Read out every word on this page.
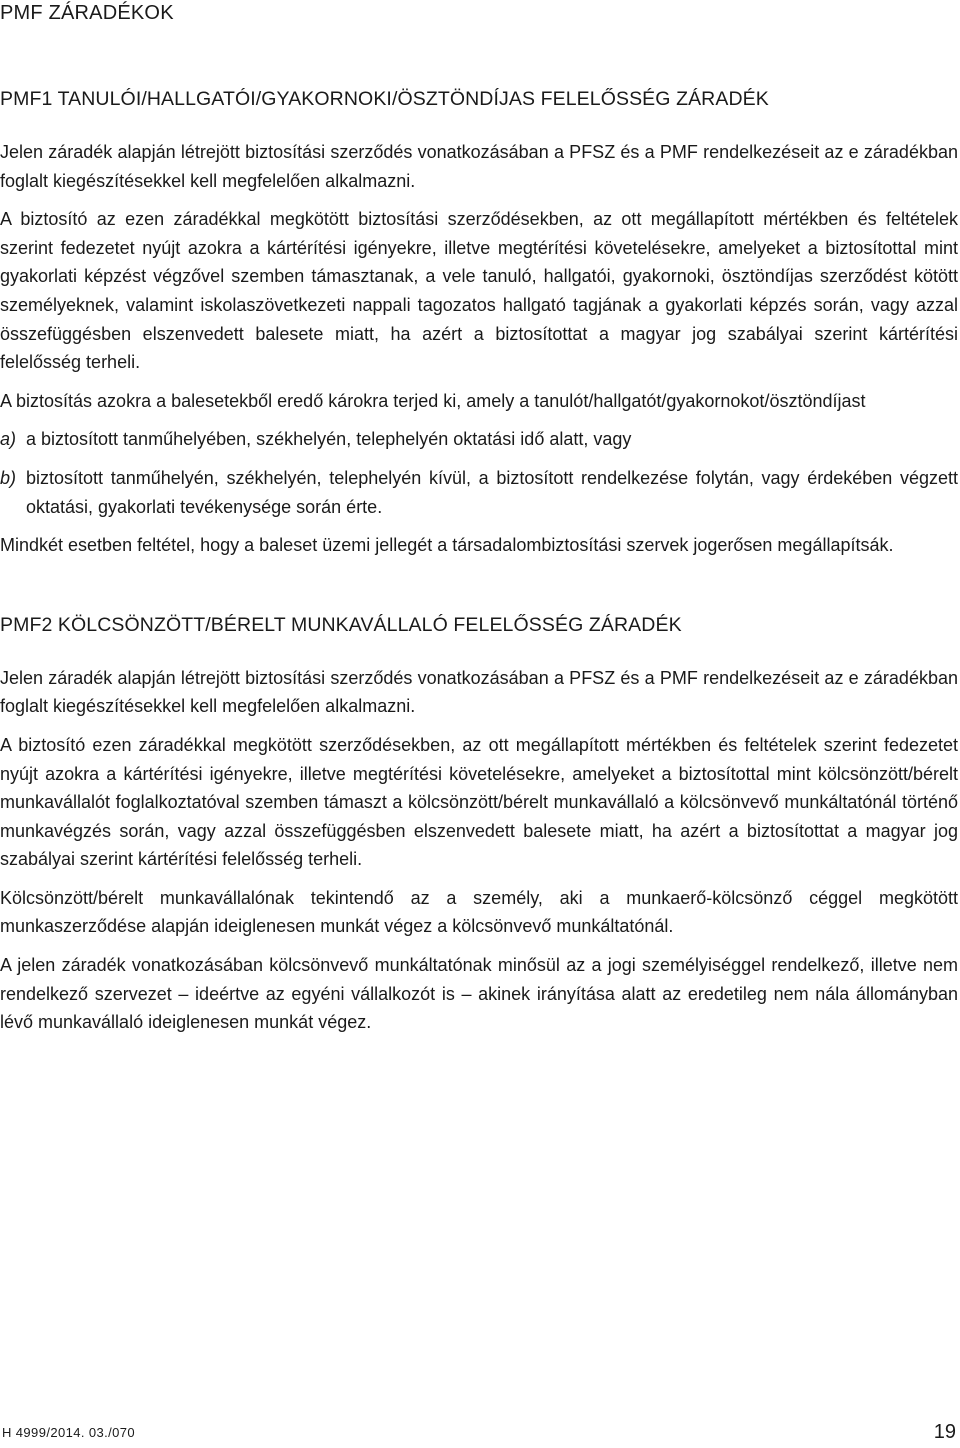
PMF ZÁRADÉKOK
PMF1 TANULÓI/HALLGATÓI/GYAKORNOKI/ÖSZTÖNDÍJAS FELELŐSSÉG ZÁRADÉK

Jelen záradék alapján létrejött biztosítási szerződés vonatkozásában a PFSZ és a PMF rendelkezéseit az e záradékban foglalt kiegészítésekkel kell megfelelően alkalmazni.

A biztosító az ezen záradékkal megkötött biztosítási szerződésekben, az ott megállapított mértékben és feltételek szerint fedezetet nyújt azokra a kártérítési igényekre, illetve megtérítési követelésekre, amelyeket a biztosítottal mint gyakorlati képzést végzővel szemben támasztanak, a vele tanuló, hallgatói, gyakornoki, ösztöndíjas szerződést kötött személyeknek, valamint iskolaszövetkezeti nappali tagozatos hallgató tagjának a gyakorlati képzés során, vagy azzal összefüggésben elszenvedett balesete miatt, ha azért a biztosítottat a magyar jog szabályai szerint kártérítési felelősség terheli.

A biztosítás azokra a balesetekből eredő károkra terjed ki, amely a tanulót/hallgatót/gyakornokot/ösztöndíjast

a) a biztosított tanműhelyében, székhelyén, telephelyén oktatási idő alatt, vagy
b) biztosított tanműhelyén, székhelyén, telephelyén kívül, a biztosított rendelkezése folytán, vagy érdekében végzett oktatási, gyakorlati tevékenysége során érte.

Mindkét esetben feltétel, hogy a baleset üzemi jellegét a társadalombiztosítási szervek jogerősen megállapítsák.

PMF2 KÖLCSÖNZÖTT/BÉRELT MUNKAVÁLLALÓ FELELŐSSÉG ZÁRADÉK

Jelen záradék alapján létrejött biztosítási szerződés vonatkozásában a PFSZ és a PMF rendelkezéseit az e záradékban foglalt kiegészítésekkel kell megfelelően alkalmazni.

A biztosító ezen záradékkal megkötött szerződésekben, az ott megállapított mértékben és feltételek szerint fedezetet nyújt azokra a kártérítési igényekre, illetve megtérítési követelésekre, amelyeket a biztosítottal mint kölcsönzött/bérelt munkavállalót foglalkoztatóval szemben támaszt a kölcsönzött/bérelt munkavállaló a kölcsönvevő munkáltatónál történő munkavégzés során, vagy azzal összefüggésben elszenvedett balesete miatt, ha azért a biztosítottat a magyar jog szabályai szerint kártérítési felelősség terheli.

Kölcsönzött/bérelt munkavállalónak tekintendő az a személy, aki a munkaerő-kölcsönző céggel megkötött munkaszerződése alapján ideiglenesen munkát végez a kölcsönvevő munkáltatónál.

A jelen záradék vonatkozásában kölcsönvevő munkáltatónak minősül az a jogi személyiséggel rendelkező, illetve nem rendelkező szervezet – ideértve az egyéni vállalkozót is – akinek irányítása alatt az eredetileg nem nála állományban lévő munkavállaló ideiglenesen munkát végez.

H 4999/2014. 03./070	19
